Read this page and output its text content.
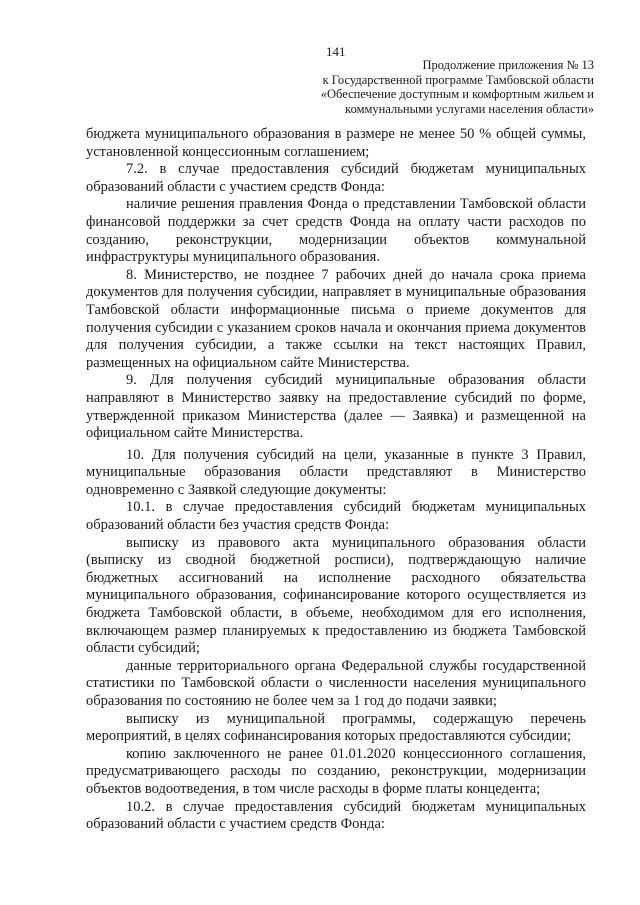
141
Продолжение приложения № 13
к Государственной программе Тамбовской области
«Обеспечение доступным и комфортным жильем и
коммунальными услугами населения области»

бюджета муниципального образования в размере не менее 50 % общей суммы, установленной концессионным соглашением;

7.2. в случае предоставления субсидий бюджетам муниципальных образований области с участием средств Фонда:

наличие решения правления Фонда о представлении Тамбовской области финансовой поддержки за счет средств Фонда на оплату части расходов по созданию, реконструкции, модернизации объектов коммунальной инфраструктуры муниципального образования.

8. Министерство, не позднее 7 рабочих дней до начала срока приема документов для получения субсидии, направляет в муниципальные образования Тамбовской области информационные письма о приеме документов для получения субсидии с указанием сроков начала и окончания приема документов для получения субсидии, а также ссылки на текст настоящих Правил, размещенных на официальном сайте Министерства.

9. Для получения субсидий муниципальные образования области направляют в Министерство заявку на предоставление субсидий по форме, утвержденной приказом Министерства (далее — Заявка) и размещенной на официальном сайте Министерства.

10. Для получения субсидий на цели, указанные в пункте 3 Правил, муниципальные образования области представляют в Министерство одновременно с Заявкой следующие документы:

10.1. в случае предоставления субсидий бюджетам муниципальных образований области без участия средств Фонда:

выписку из правового акта муниципального образования области (выписку из сводной бюджетной росписи), подтверждающую наличие бюджетных ассигнований на исполнение расходного обязательства муниципального образования, софинансирование которого осуществляется из бюджета Тамбовской области, в объеме, необходимом для его исполнения, включающем размер планируемых к предоставлению из бюджета Тамбовской области субсидий;

данные территориального органа Федеральной службы государственной статистики по Тамбовской области о численности населения муниципального образования по состоянию не более чем за 1 год до подачи заявки;

выписку из муниципальной программы, содержащую перечень мероприятий, в целях софинансирования которых предоставляются субсидии;

копию заключенного не ранее 01.01.2020 концессионного соглашения, предусматривающего расходы по созданию, реконструкции, модернизации объектов водоотведения, в том числе расходы в форме платы концедента;

10.2. в случае предоставления субсидий бюджетам муниципальных образований области с участием средств Фонда:
